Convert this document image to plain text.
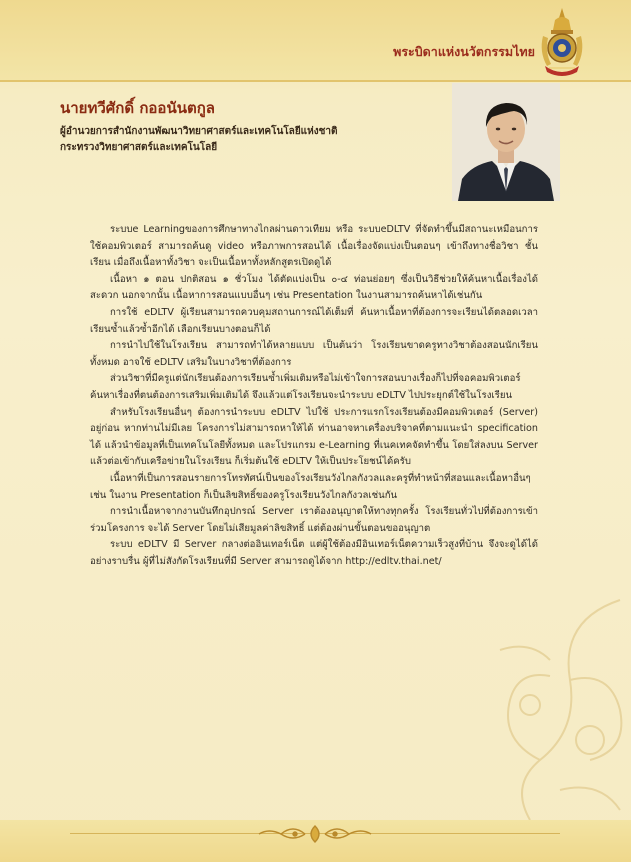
พระบิดาแห่งนวัตกรรมไทย
นายทวีศักดิ์ กออนันตกูล
ผู้อำนวยการสำนักงานพัฒนาวิทยาศาสตร์และเทคโนโลยีแห่งชาติ
กระทรวงวิทยาศาสตร์และเทคโนโลยี

ระบบe Learningของการศึกษาทางไกลผ่านดาวเทียม หรือ ระบบeDLTV ที่จัดทำขึ้นมีสถานะเหมือนการใช้คอมพิวเตอร์ สามารถค้นดู video หรือภาพการสอนได้ เนื้อเรื่องจัดแบ่งเป็นตอนๆ เข้าถึงทางชื่อวิชา ชั้นเรียน เมื่อถึงเนื้อหาทั้งวิชา จะเป็นเนื้อหาทั้งหลักสูตรเปิดดูได้

เนื้อหา ๑ ตอน ปกติสอน ๑ ชั่วโมง ได้ตัดแบ่งเป็น ๐-๔ ท่อนย่อยๆ ซึ่งเป็นวิธีช่วยให้ค้นหาเนื้อเรื่องได้สะดวก นอกจากนั้น เนื้อหาการสอนแบบอื่นๆ เช่น Presentation ในงานสามารถค้นหาได้เช่นกัน

การใช้ eDLTV ผู้เรียนสามารถควบคุมสถานการณ์ได้เต็มที่ ค้นหาเนื้อหาที่ต้องการจะเรียนได้ตลอดเวลา เรียนซ้ำแล้วซ้ำอีกได้ เลือกเรียนบางตอนก็ได้

การนำไปใช้ในโรงเรียน สามารถทำได้หลายแบบ เป็นต้นว่า โรงเรียนขาดครูทางวิชาต้องสอนนักเรียนทั้งหมด อาจใช้ eDLTV เสริมในบางวิชาที่ต้องการ

ส่วนวิชาที่มีครูแต่นักเรียนต้องการเรียนซ้ำเพิ่มเติมหรือไม่เข้าใจการสอนบางเรื่องก็ไปที่จอคอมพิวเตอร์ค้นหาเรื่องที่ตนต้องการเสริมเพิ่มเติมได้ จึงแล้วแต่โรงเรียนจะนำระบบ eDLTV ไปประยุกต์ใช้ในโรงเรียน

สำหรับโรงเรียนอื่นๆ ต้องการนำระบบ eDLTV ไปใช้ ประการแรกโรงเรียนต้องมีคอมพิวเตอร์ (Server) อยู่ก่อน หากท่านไม่มีเลย โครงการไม่สามารถหาให้ได้ ท่านอาจหาเครื่องบริจาคที่ตามแนะนำ specification ได้ แล้วนำข้อมูลที่เป็นเทคโนโลยีทั้งหมด และโปรแกรม e-Learning ที่เนคเทคจัดทำขึ้น โดยใส่ลงบน Server แล้วต่อเข้ากับเครือข่ายในโรงเรียน ก็เริ่มต้นใช้ eDLTV ให้เป็นประโยชน์ได้ครับ

เนื้อหาที่เป็นการสอนรายการโทรทัศน์เป็นของโรงเรียนวังไกลกังวลและครูที่ทำหน้าที่สอนและเนื้อหาอื่นๆ เช่น ในงาน Presentation ก็เป็นลิขสิทธิ์ของครูโรงเรียนวังไกลกังวลเช่นกัน

การนำเนื้อหาจากงานบันทึกอุปกรณ์ Server เราต้องอนุญาตให้ทางทุกครั้ง โรงเรียนทั่วไปที่ต้องการเข้าร่วมโครงการ จะได้ Server โดยไม่เสียมูลค่าลิขสิทธิ์ แต่ต้องผ่านขั้นตอนขออนุญาต

ระบบ eDLTV มี Server กลางต่ออินเทอร์เน็ต แต่ผู้ใช้ต้องมีอินเทอร์เน็ตความเร็วสูงที่บ้าน จึงจะดูได้ได้อย่างราบรื่น ผู้ที่ไม่สังกัดโรงเรียนที่มี Server สามารถดูได้จาก http://edltv.thai.net/
